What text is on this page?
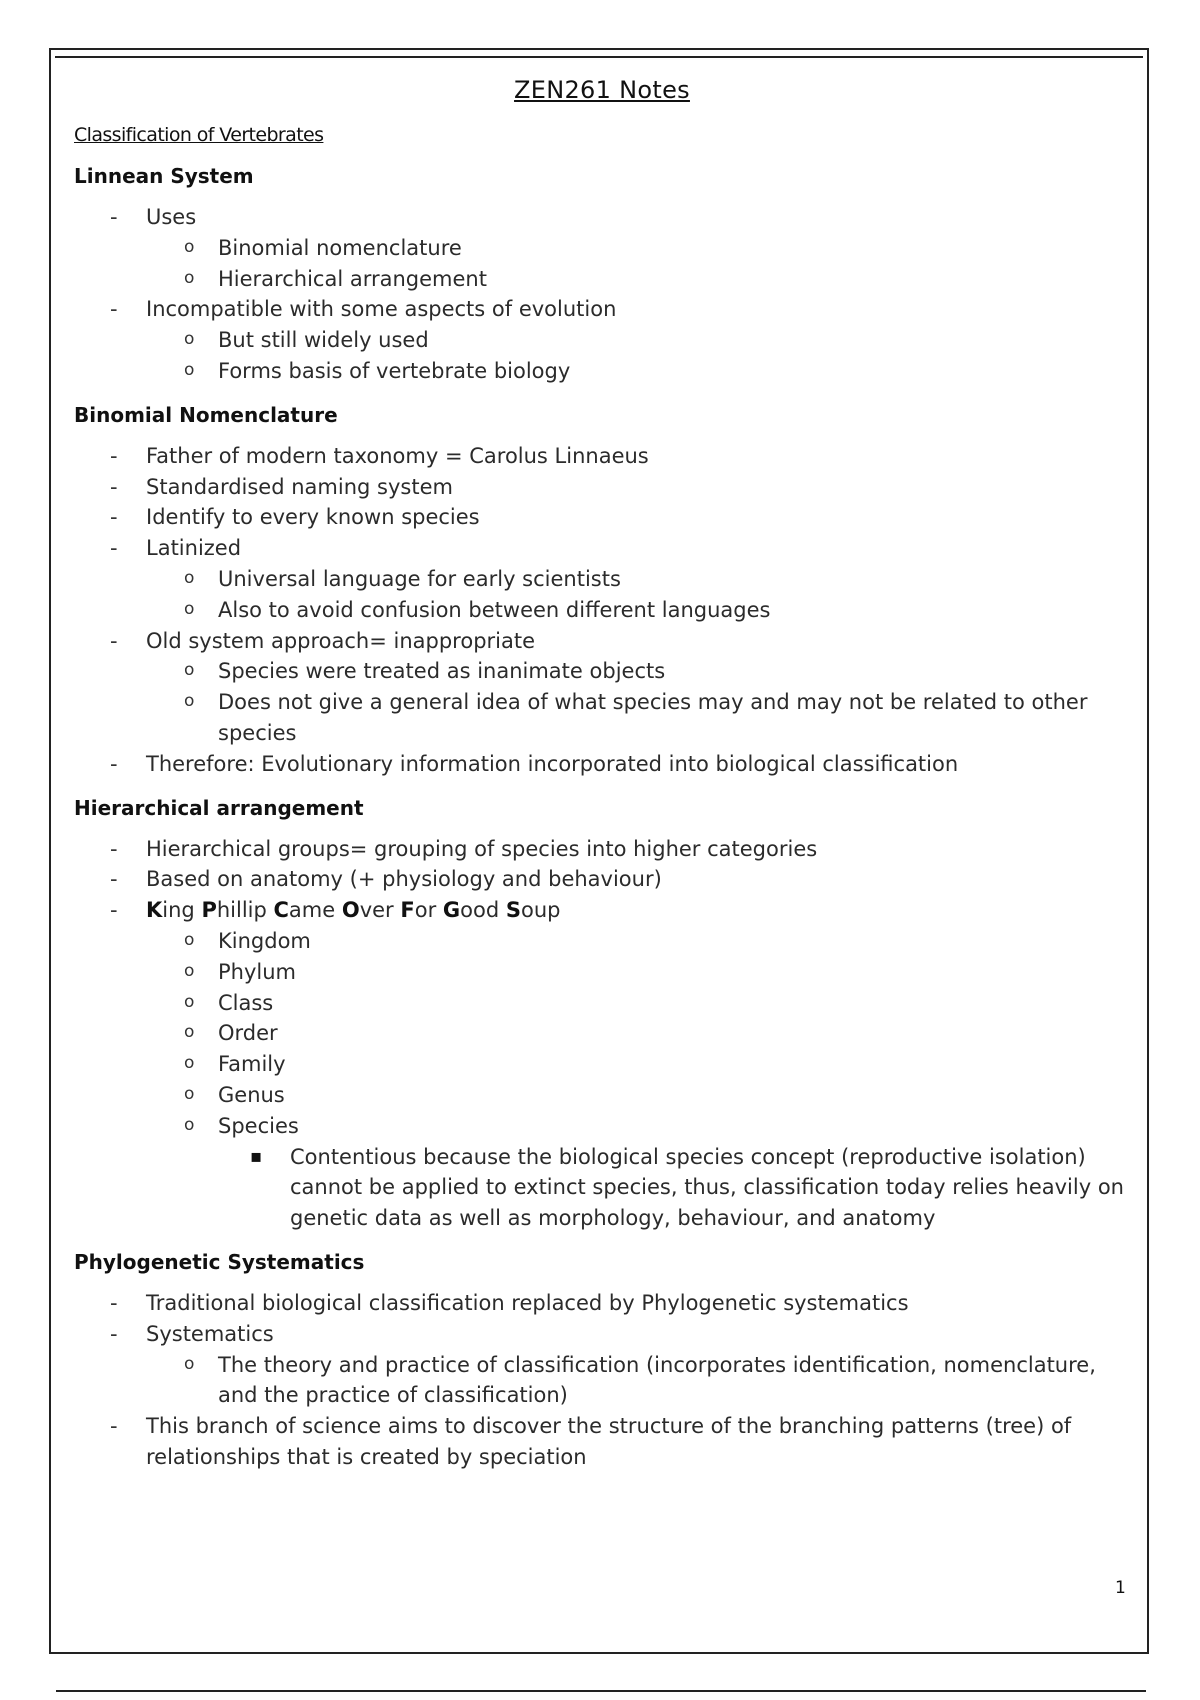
ZEN261 Notes
Classification of Vertebrates
Linnean System
- Uses
o Binomial nomenclature
o Hierarchical arrangement
- Incompatible with some aspects of evolution
o But still widely used
o Forms basis of vertebrate biology
Binomial Nomenclature
- Father of modern taxonomy = Carolus Linnaeus
- Standardised naming system
- Identify to every known species
- Latinized
o Universal language for early scientists
o Also to avoid confusion between different languages
- Old system approach= inappropriate
o Species were treated as inanimate objects
o Does not give a general idea of what species may and may not be related to other species
- Therefore: Evolutionary information incorporated into biological classification
Hierarchical arrangement
- Hierarchical groups= grouping of species into higher categories
- Based on anatomy (+ physiology and behaviour)
- King Phillip Came Over For Good Soup
o Kingdom
o Phylum
o Class
o Order
o Family
o Genus
o Species
▪ Contentious because the biological species concept (reproductive isolation) cannot be applied to extinct species, thus, classification today relies heavily on genetic data as well as morphology, behaviour, and anatomy
Phylogenetic Systematics
- Traditional biological classification replaced by Phylogenetic systematics
- Systematics
o The theory and practice of classification (incorporates identification, nomenclature, and the practice of classification)
- This branch of science aims to discover the structure of the branching patterns (tree) of relationships that is created by speciation
1
